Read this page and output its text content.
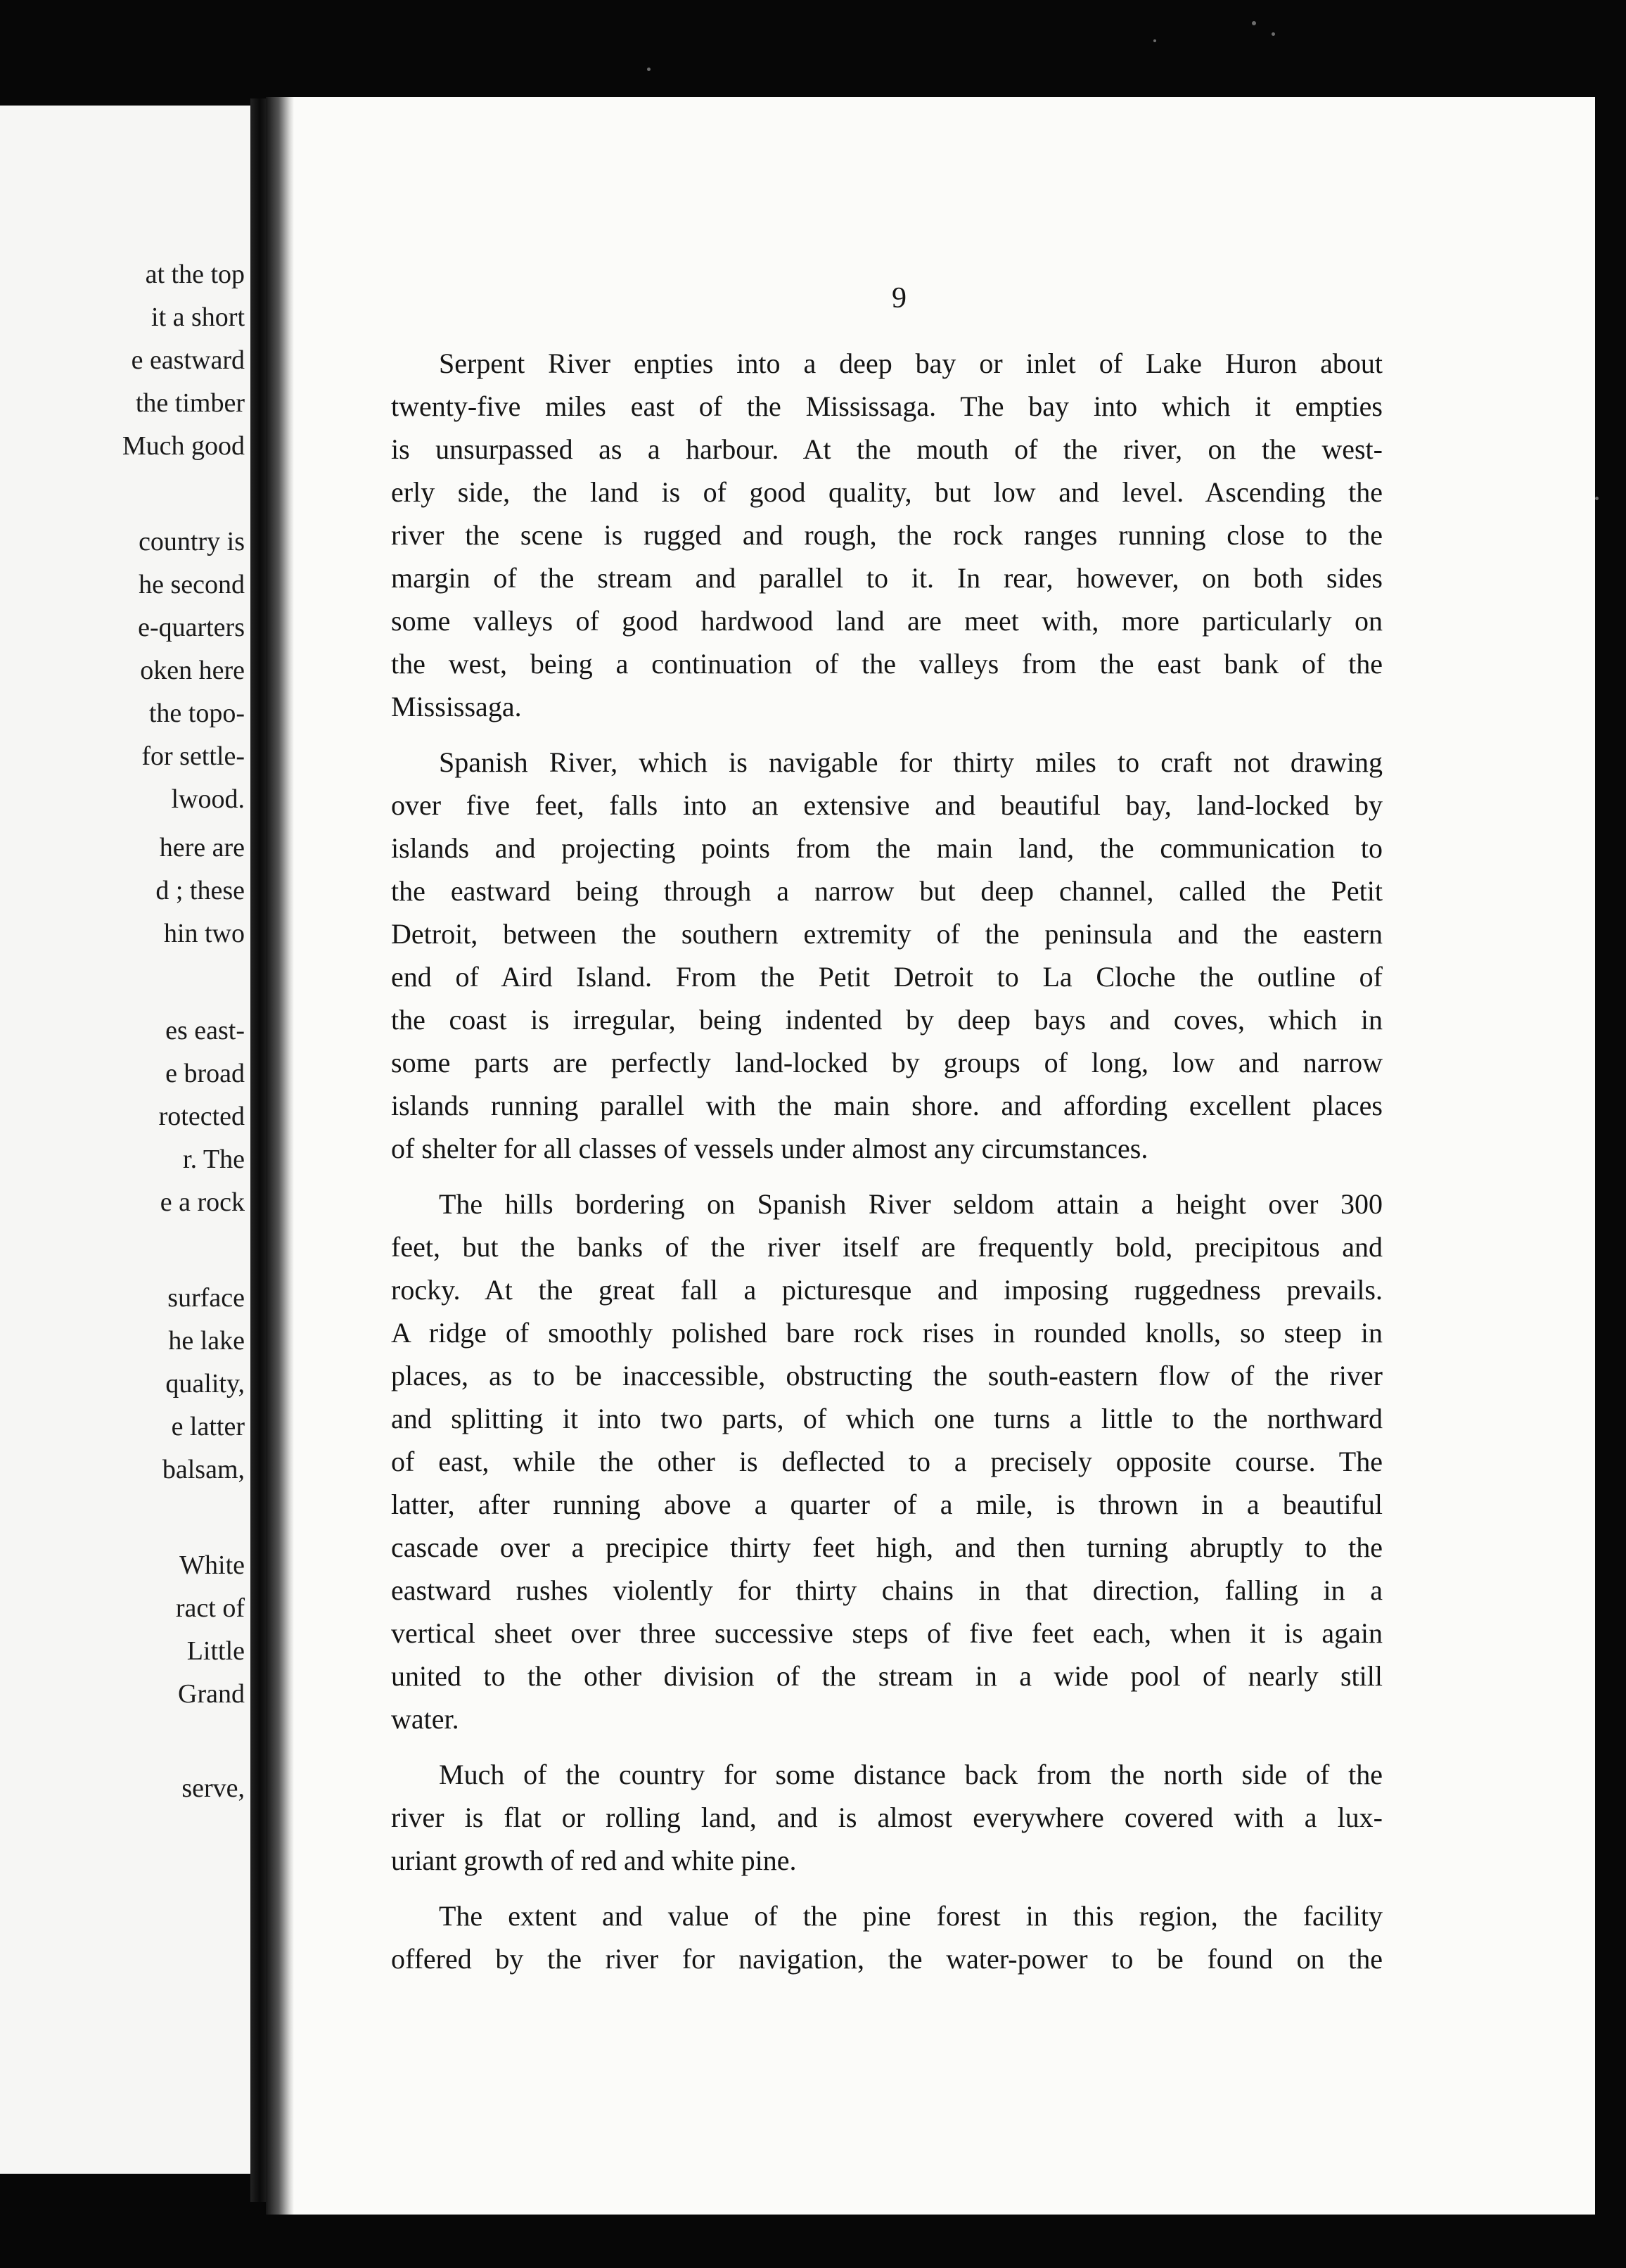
at the top
it a short
e eastward
the timber
Much good
country is
he second
e-quarters
oken here
the topo-
for settle-
lwood.
here are
d ; these
hin two
es east-
e broad
rotected
r. The
e a rock
surface
he lake
quality,
e latter
balsam,
White
ract of
Little
Grand
serve,
9
Serpent River enpties into a deep bay or inlet of Lake Huron about
twenty-five miles east of the Mississaga. The bay into which it empties
is unsurpassed as a harbour. At the mouth of the river, on the west-
erly side, the land is of good quality, but low and level. Ascending the
river the scene is rugged and rough, the rock ranges running close to the
margin of the stream and parallel to it. In rear, however, on both sides
some valleys of good hardwood land are meet with, more particularly on
the west, being a continuation of the valleys from the east bank of the
Mississaga.
Spanish River, which is navigable for thirty miles to craft not drawing
over five feet, falls into an extensive and beautiful bay, land-locked by
islands and projecting points from the main land, the communication to
the eastward being through a narrow but deep channel, called the Petit
Detroit, between the southern extremity of the peninsula and the eastern
end of Aird Island. From the Petit Detroit to La Cloche the outline of
the coast is irregular, being indented by deep bays and coves, which in
some parts are perfectly land-locked by groups of long, low and narrow
islands running parallel with the main shore. and affording excellent places
of shelter for all classes of vessels under almost any circumstances.
The hills bordering on Spanish River seldom attain a height over 300
feet, but the banks of the river itself are frequently bold, precipitous and
rocky. At the great fall a picturesque and imposing ruggedness prevails.
A ridge of smoothly polished bare rock rises in rounded knolls, so steep in
places, as to be inaccessible, obstructing the south-eastern flow of the river
and splitting it into two parts, of which one turns a little to the northward
of east, while the other is deflected to a precisely opposite course. The
latter, after running above a quarter of a mile, is thrown in a beautiful
cascade over a precipice thirty feet high, and then turning abruptly to the
eastward rushes violently for thirty chains in that direction, falling in a
vertical sheet over three successive steps of five feet each, when it is again
united to the other division of the stream in a wide pool of nearly still
water.
Much of the country for some distance back from the north side of the
river is flat or rolling land, and is almost everywhere covered with a lux-
uriant growth of red and white pine.
The extent and value of the pine forest in this region, the facility
offered by the river for navigation, the water-power to be found on the
